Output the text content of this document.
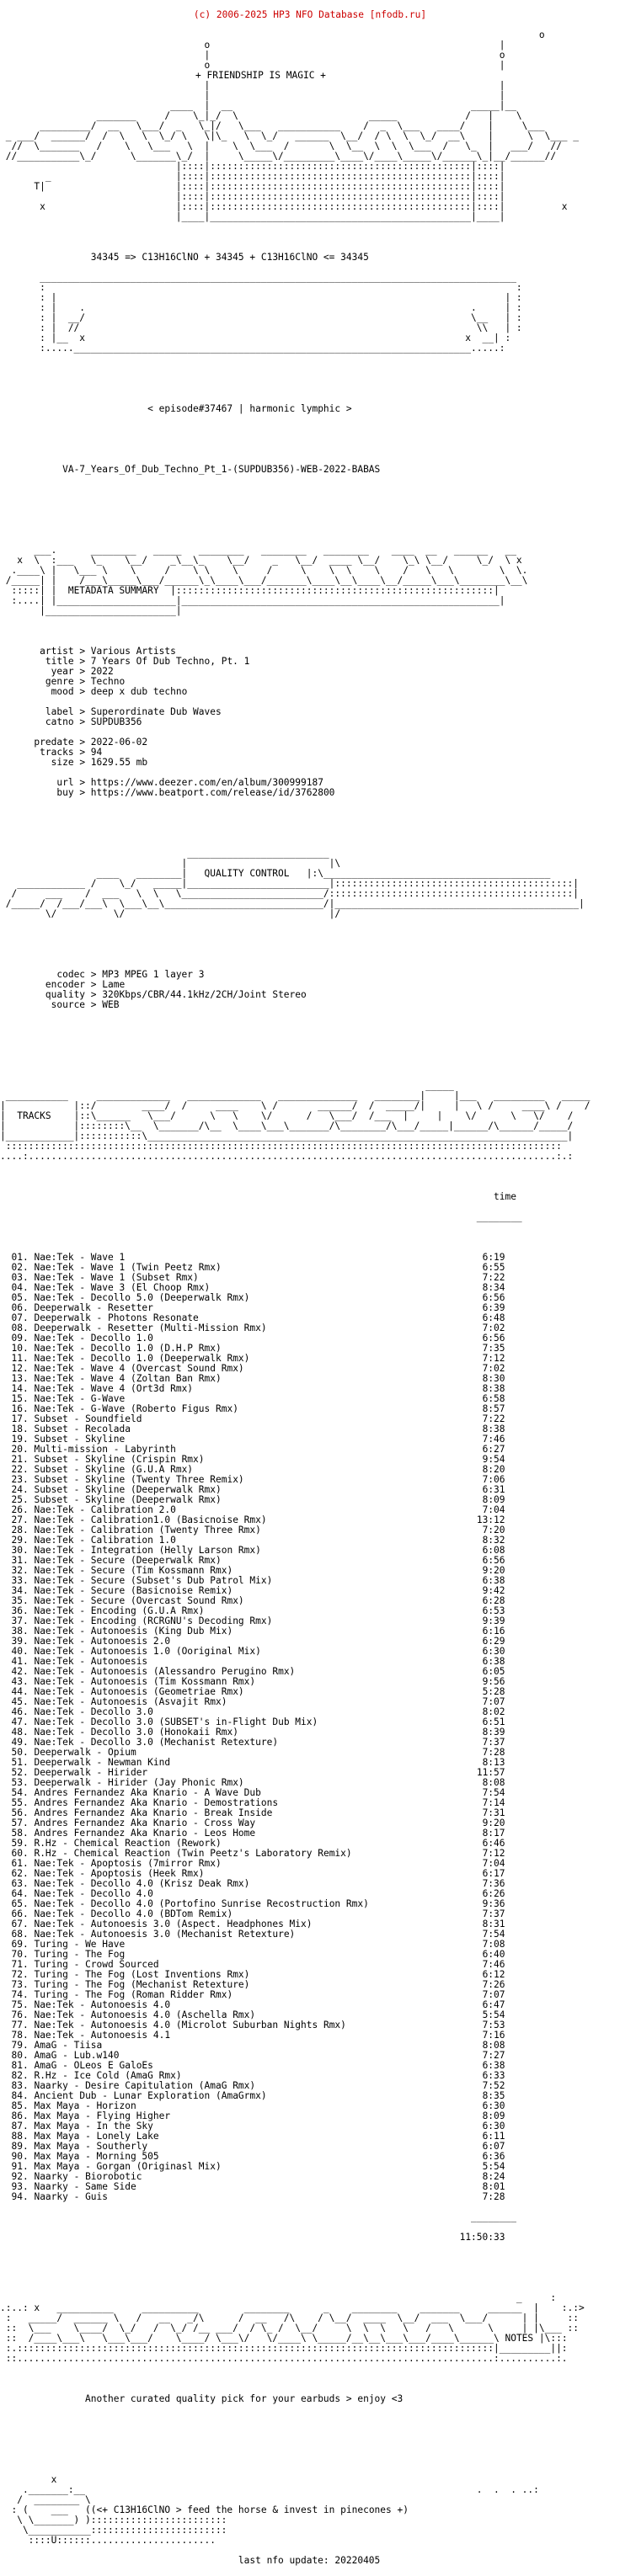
(c) 2006-2025 HP3 NFO Database [nfodb.ru]

o
o                                                   |
|                                                   o
o                                                   |
+ FRIENDSHIP IS MAGIC +
|                                                   |
|                                                   |
____  |  __                                          _____|__
_______     /    \_|_/  \                       _____            /   |    \
_________/  __   \___/  _   \_|/   \___   ___________    /  _  \___   ____/    |     \___
_ ___/  ______/  /  \   \  \_/ \   \|\_   \  \_/   ______  \__/  / \  \  \_/  __\    |      \  \___ _
//  \_______   /    \   \___   \  |    \  \___  /       \  \__  \  \  \___  /   \_  |   ___/   //
//___________\_/      \_______\_/  |     \_____\/_________\____\/____\_____\/______\_|__/______//
|::::|::::::::::::::::::::::::::::::::::::::::::::::|::::|
_                      |::::|::::::::::::::::::::::::::::::::::::::::::::::|::::|
T|                       |::::|::::::::::::::::::::::::::::::::::::::::::::::|::::|
|::::|::::::::::::::::::::::::::::::::::::::::::::::|::::|
x                       |::::|::::::::::::::::::::::::::::::::::::::::::::::|::::|          x
|____|______________________________________________|____|

34345 => C13H16ClNO + 34345 + C13H16ClNO <= 34345

____________________________________________________________________________________
:                                                                                   :
: |                                                                               | :
: |    .                                                                    .     | :
: |  __/                                                                    \__   | :
: |  //                                                                      \\   | :
: |__  x                                                                   x  __| :
:.....______________________________________________________________________.....:

< episode#37467 | harmonic lymphic >

VA-7_Years_Of_Dub_Techno_Pt_1-(SUPDUB356)-WEB-2022-BABAS

___.      ________   _____   ________   ________   ________    ____  __   ______   __
x  \  :___   \_    \__/    _\__\_    \__/    _   \__/  ____ \__/    \_\ \__/     \_/  \ x
.____\ |   \___ \    \     /    \ \    \     /     \    \  \    \    /   \   \        \  \.
/_____| |    /___\_____\___/______\_\____\___/_______\____\__\____\__/_____\___\________\__\
:::::| |  METADATA SUMMARY  |::::::::::::::::::::::::::::::::::::::::::::::::::::::::|
:....| |_____________________|________________________________________________________|
|_______________________|

artist > Various Artists
title > 7 Years Of Dub Techno, Pt. 1
year > 2022
genre > Techno
mood > deep x dub techno

label > Superordinate Dub Waves
catno > SUPDUB356

predate > 2022-06-02
tracks > 94
size > 1629.55 mb

url > https://www.deezer.com/en/album/300999187
buy > https://www.beatport.com/release/id/3762800

_________________________
|                         |\
____   ________|   QUALITY CONTROL   |:\________________________________________
____________ /    \_/   _____|_________________________|::::::::::::::::::::::::::::::::::::::::::|
/     ___    /  ___   \  \   \_________________________/:::::::::::::::::::::::::::::::::::::::::::|
/_____/  /___/___\  \___\__\____________________________/|___________________________________________|
\/          \/                                    |/

codec > MP3 MPEG 1 layer 3
encoder > Lame
quality > 320Kbps/CBR/44.1kHz/2CH/Joint Stereo
source > WEB

_____
___________     _____________   _____________   ______________   ________|     |___   _________   _____
|            |::/        ____/  /     ____    \ /       ______/  /  _____/|     |   \ /     ____\ /    /
|  TRACKS    |::\______   \___/      \   \    \/      /   \___/  /___  |     |    \/      \   \/    /
|            |::::::::\__  \_______/\__  \____\___\_______/\________/\___/_____|______/\______/_____/
|____________|:::::::::::\__________________________________________________________________________|
::::::::::::::::::::::::::::::::::::::::::::::::::::::::::::::::::::::::::::::::::::::::::::::::::
....:.............................................................................................:.:

time

________

01. Nae:Tek - Wave 1	6:19
02. Nae:Tek - Wave 1 (Twin Peetz Rmx)	6:55
03. Nae:Tek - Wave 1 (Subset Rmx)	7:22
04. Nae:Tek - Wave 3 (El Choop Rmx)	8:34
05. Nae:Tek - Decollo 5.0 (Deeperwalk Rmx)	6:56
06. Deeperwalk - Resetter	6:39
07. Deeperwalk - Photons Resonate	6:48
08. Deeperwalk - Resetter (Multi-Mission Rmx)	7:02
09. Nae:Tek - Decollo 1.0	6:56
10. Nae:Tek - Decollo 1.0 (D.H.P Rmx)	7:35
11. Nae:Tek - Decollo 1.0 (Deeperwalk Rmx)	7:12
12. Nae:Tek - Wave 4 (Overcast Sound Rmx)	7:02
13. Nae:Tek - Wave 4 (Zoltan Ban Rmx)	8:30
14. Nae:Tek - Wave 4 (Ort3d Rmx)	8:38
15. Nae:Tek - G-Wave	6:58
16. Nae:Tek - G-Wave (Roberto Figus Rmx)	8:57
17. Subset - Soundfield	7:22
18. Subset - Recolada	8:38
19. Subset - Skyline	7:46
20. Multi-mission - Labyrinth	6:27
21. Subset - Skyline (Crispin Rmx)	9:54
22. Subset - Skyline (G.U.A Rmx)	8:20
23. Subset - Skyline (Twenty Three Remix)	7:06
24. Subset - Skyline (Deeperwalk Rmx)	6:31
25. Subset - Skyline (Deeperwalk Rmx)	8:09
26. Nae:Tek - Calibration 2.0	7:04
27. Nae:Tek - Calibration1.0 (Basicnoise Rmx)	13:12
28. Nae:Tek - Calibration (Twenty Three Rmx)	7:20
29. Nae:Tek - Calibration 1.0	8:32
30. Nae:Tek - Integration (Helly Larson Rmx)	6:08
31. Nae:Tek - Secure (Deeperwalk Rmx)	6:56
32. Nae:Tek - Secure (Tim Kossmann Rmx)	9:20
33. Nae:Tek - Secure (Subset's Dub Patrol Mix)	6:38
34. Nae:Tek - Secure (Basicnoise Remix)	9:42
35. Nae:Tek - Secure (Overcast Sound Rmx)	6:28
36. Nae:Tek - Encoding (G.U.A Rmx)	6:53
37. Nae:Tek - Encoding (RCRGNU's Decoding Rmx)	9:39
38. Nae:Tek - Autonoesis (King Dub Mix)	6:16
39. Nae:Tek - Autonoesis 2.0	6:29
40. Nae:Tek - Autonoesis 1.0 (Ooriginal Mix)	6:30
41. Nae:Tek - Autonoesis	6:38
42. Nae:Tek - Autonoesis (Alessandro Perugino Rmx)	6:05
43. Nae:Tek - Autonoesis (Tim Kossmann Rmx)	9:56
44. Nae:Tek - Autonoesis (Geometriae Rmx)	5:28
45. Nae:Tek - Autonoesis (Asvajit Rmx)	7:07
46. Nae:Tek - Decollo 3.0	8:02
47. Nae:Tek - Decollo 3.0 (SUBSET's in-Flight Dub Mix)	6:51
48. Nae:Tek - Decollo 3.0 (Honokaii Rmx)	8:39
49. Nae:Tek - Decollo 3.0 (Mechanist Retexture)	7:37
50. Deeperwalk - Opium	7:28
51. Deeperwalk - Newman Kind	8:13
52. Deeperwalk - Hirider	11:57
53. Deeperwalk - Hirider (Jay Phonic Rmx)	8:08
54. Andres Fernandez Aka Knario - A Wave Dub	7:54
55. Andres Fernandez Aka Knario - Demostrations	7:14
56. Andres Fernandez Aka Knario - Break Inside	7:31
57. Andres Fernandez Aka Knario - Cross Way	9:20
58. Andres Fernandez Aka Knario - Leos Home	8:17
59. R.Hz - Chemical Reaction (Rework)	6:46
60. R.Hz - Chemical Reaction (Twin Peetz's Laboratory Remix)	7:12
61. Nae:Tek - Apoptosis (7mirror Rmx)	7:04
62. Nae:Tek - Apoptosis (Heek Rmx)	6:17
63. Nae:Tek - Decollo 4.0 (Krisz Deak Rmx)	7:36
64. Nae:Tek - Decollo 4.0	6:26
65. Nae:Tek - Decollo 4.0 (Portofino Sunrise Recostruction Rmx)	9:36
66. Nae:Tek - Decollo 4.0 (BDTom Remix)	7:37
67. Nae:Tek - Autonoesis 3.0 (Aspect. Headphones Mix)	8:31
68. Nae:Tek - Autonoesis 3.0 (Mechanist Retexture)	7:54
69. Turing - We Have	7:08
70. Turing - The Fog	6:40
71. Turing - Crowd Sourced	7:46
72. Turing - The Fog (Lost Inventions Rmx)	6:12
73. Turing - The Fog (Mechanist Retexture)	7:26
74. Turing - The Fog (Roman Ridder Rmx)	7:07
75. Nae:Tek - Autonoesis 4.0	6:47
76. Nae:Tek - Autonoesis 4.0 (Aschella Rmx)	5:54
77. Nae:Tek - Autonoesis 4.0 (Microlot Suburban Nights Rmx)	7:53
78. Nae:Tek - Autonoesis 4.1	7:16
79. AmaG - Tiisa	8:08
80. AmaG - Lub.w140	7:27
81. AmaG - OLeos E GaloEs	6:38
82. R.Hz - Ice Cold (AmaG Rmx)	6:33
83. Naarky - Desire Capitulation (AmaG Rmx)	7:52
84. Ancient Dub - Lunar Exploration (AmaGrmx)	8:35
85. Max Maya - Horizon	6:30
86. Max Maya - Flying Higher	8:09
87. Max Maya - In the Sky	6:30
88. Max Maya - Lonely Lake	6:11
89. Max Maya - Southerly	6:07
90. Max Maya - Morning 505	6:36
91. Max Maya - Gorgan (Originasl Mix)	5:54
92. Naarky - Biorobotic	8:24
93. Naarky - Same Side	8:01
94. Naarky - Guis	7:28

________

11:50:33

_     :
.:..: x   __________     __________        ________      _    ________    _______     ______  |    :.:>
:   _____/  ______ \   /   __   _/\      /  __   /\    / \__/  ____  \__/  ___  \___/      | |     ::
::  \___    \____/  \_/   /  \_/ /__ ___/  / \_ /  \__/     \  \  \   \   /   \      \     | |\___ ::
::  /____\___\   \___\___/    \____/ \___\/   \/____\ \_____/__\__\___\___/____\______\ NOTES |\:::
:.::::::::::::::::::::::::::::::::::::::::::::::::::::::::::::::::::::::::::::::::::::|_________||:
::....................................................................................:..........:.

Another curated quality pick for your earbuds > enjoy <3

x
._______:__                                                                     .  .  . ..:
/  ________ \
: (    ___   ((<+ C13H16ClNO > feed the horse & invest in pinecones +)
\ \_______) )::::::::::::::::::::::::
\___________::::::::::::::::::::::::
::::U::::::......................

last nfo update: 20220405
